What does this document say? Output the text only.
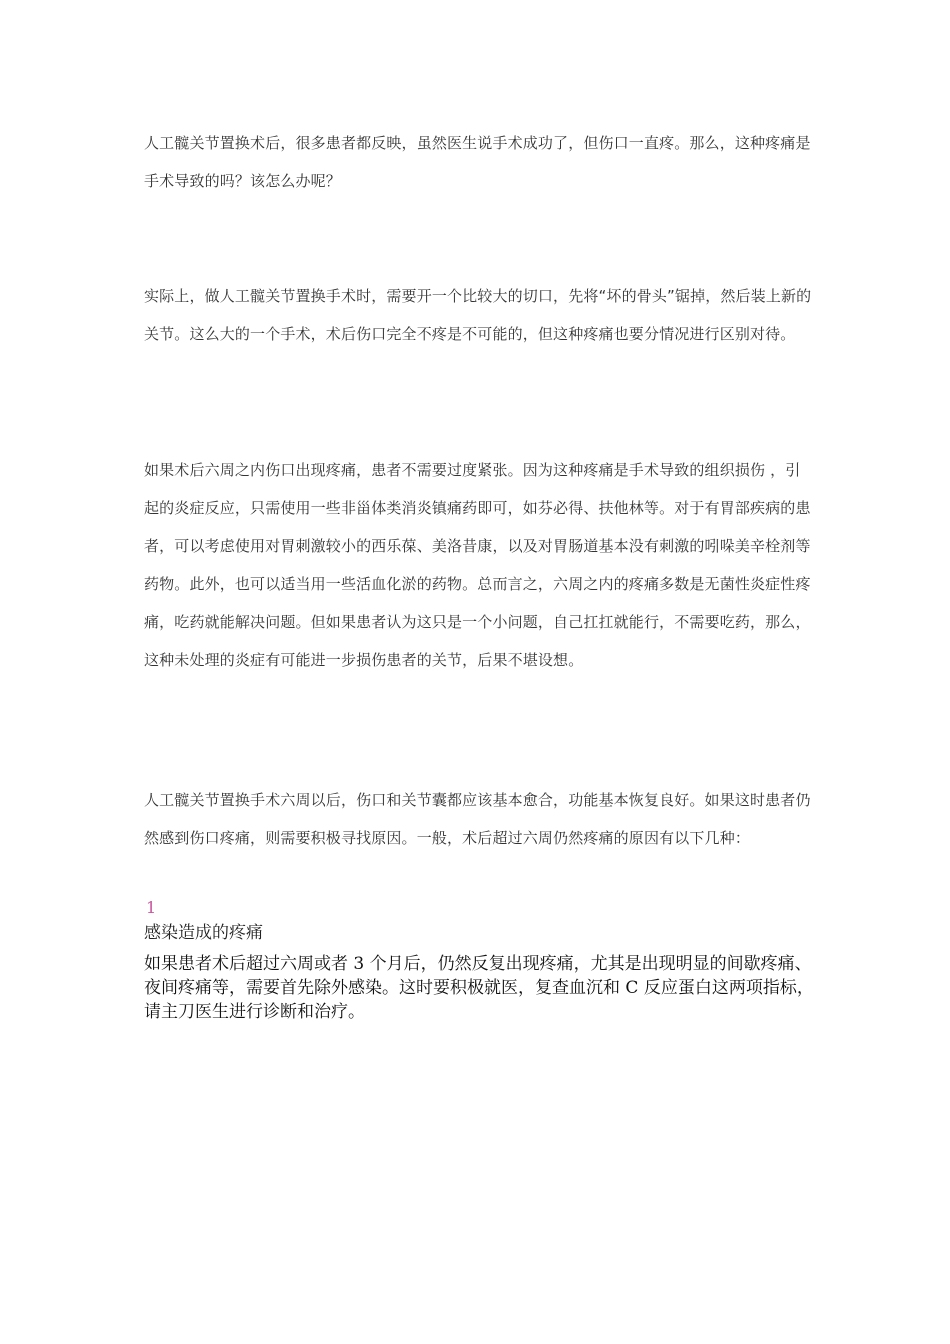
人工髋关节置换术后，很多患者都反映，虽然医生说手术成功了，但伤口一直疼。那么，这种疼痛是手术导致的吗？该怎么办呢？

实际上，做人工髋关节置换手术时，需要开一个比较大的切口，先将“坏的骨头”锯掉，然后装上新的关节。这么大的一个手术，术后伤口完全不疼是不可能的，但这种疼痛也要分情况进行区别对待。

如果术后六周之内伤口出现疼痛，患者不需要过度紧张。因为这种疼痛是手术导致的组织损伤 ，引起的炎症反应，只需使用一些非甾体类消炎镇痛药即可，如芬必得、扶他林等。对于有胃部疾病的患者，可以考虑使用对胃刺激较小的西乐葆、美洛昔康，以及对胃肠道基本没有刺激的吲哚美辛栓剂等药物。此外，也可以适当用一些活血化淤的药物。总而言之，六周之内的疼痛多数是无菌性炎症性疼痛，吃药就能解决问题。但如果患者认为这只是一个小问题，自己扛扛就能行，不需要吃药，那么，这种未处理的炎症有可能进一步损伤患者的关节，后果不堪设想。

人工髋关节置换手术六周以后，伤口和关节囊都应该基本愈合，功能基本恢复良好。如果这时患者仍然感到伤口疼痛，则需要积极寻找原因。一般，术后超过六周仍然疼痛的原因有以下几种：

1
感染造成的疼痛

如果患者术后超过六周或者 3 个月后，仍然反复出现疼痛，尤其是出现明显的间歇疼痛、夜间疼痛等，需要首先除外感染。这时要积极就医，复查血沉和 C 反应蛋白这两项指标，请主刀医生进行诊断和治疗。
